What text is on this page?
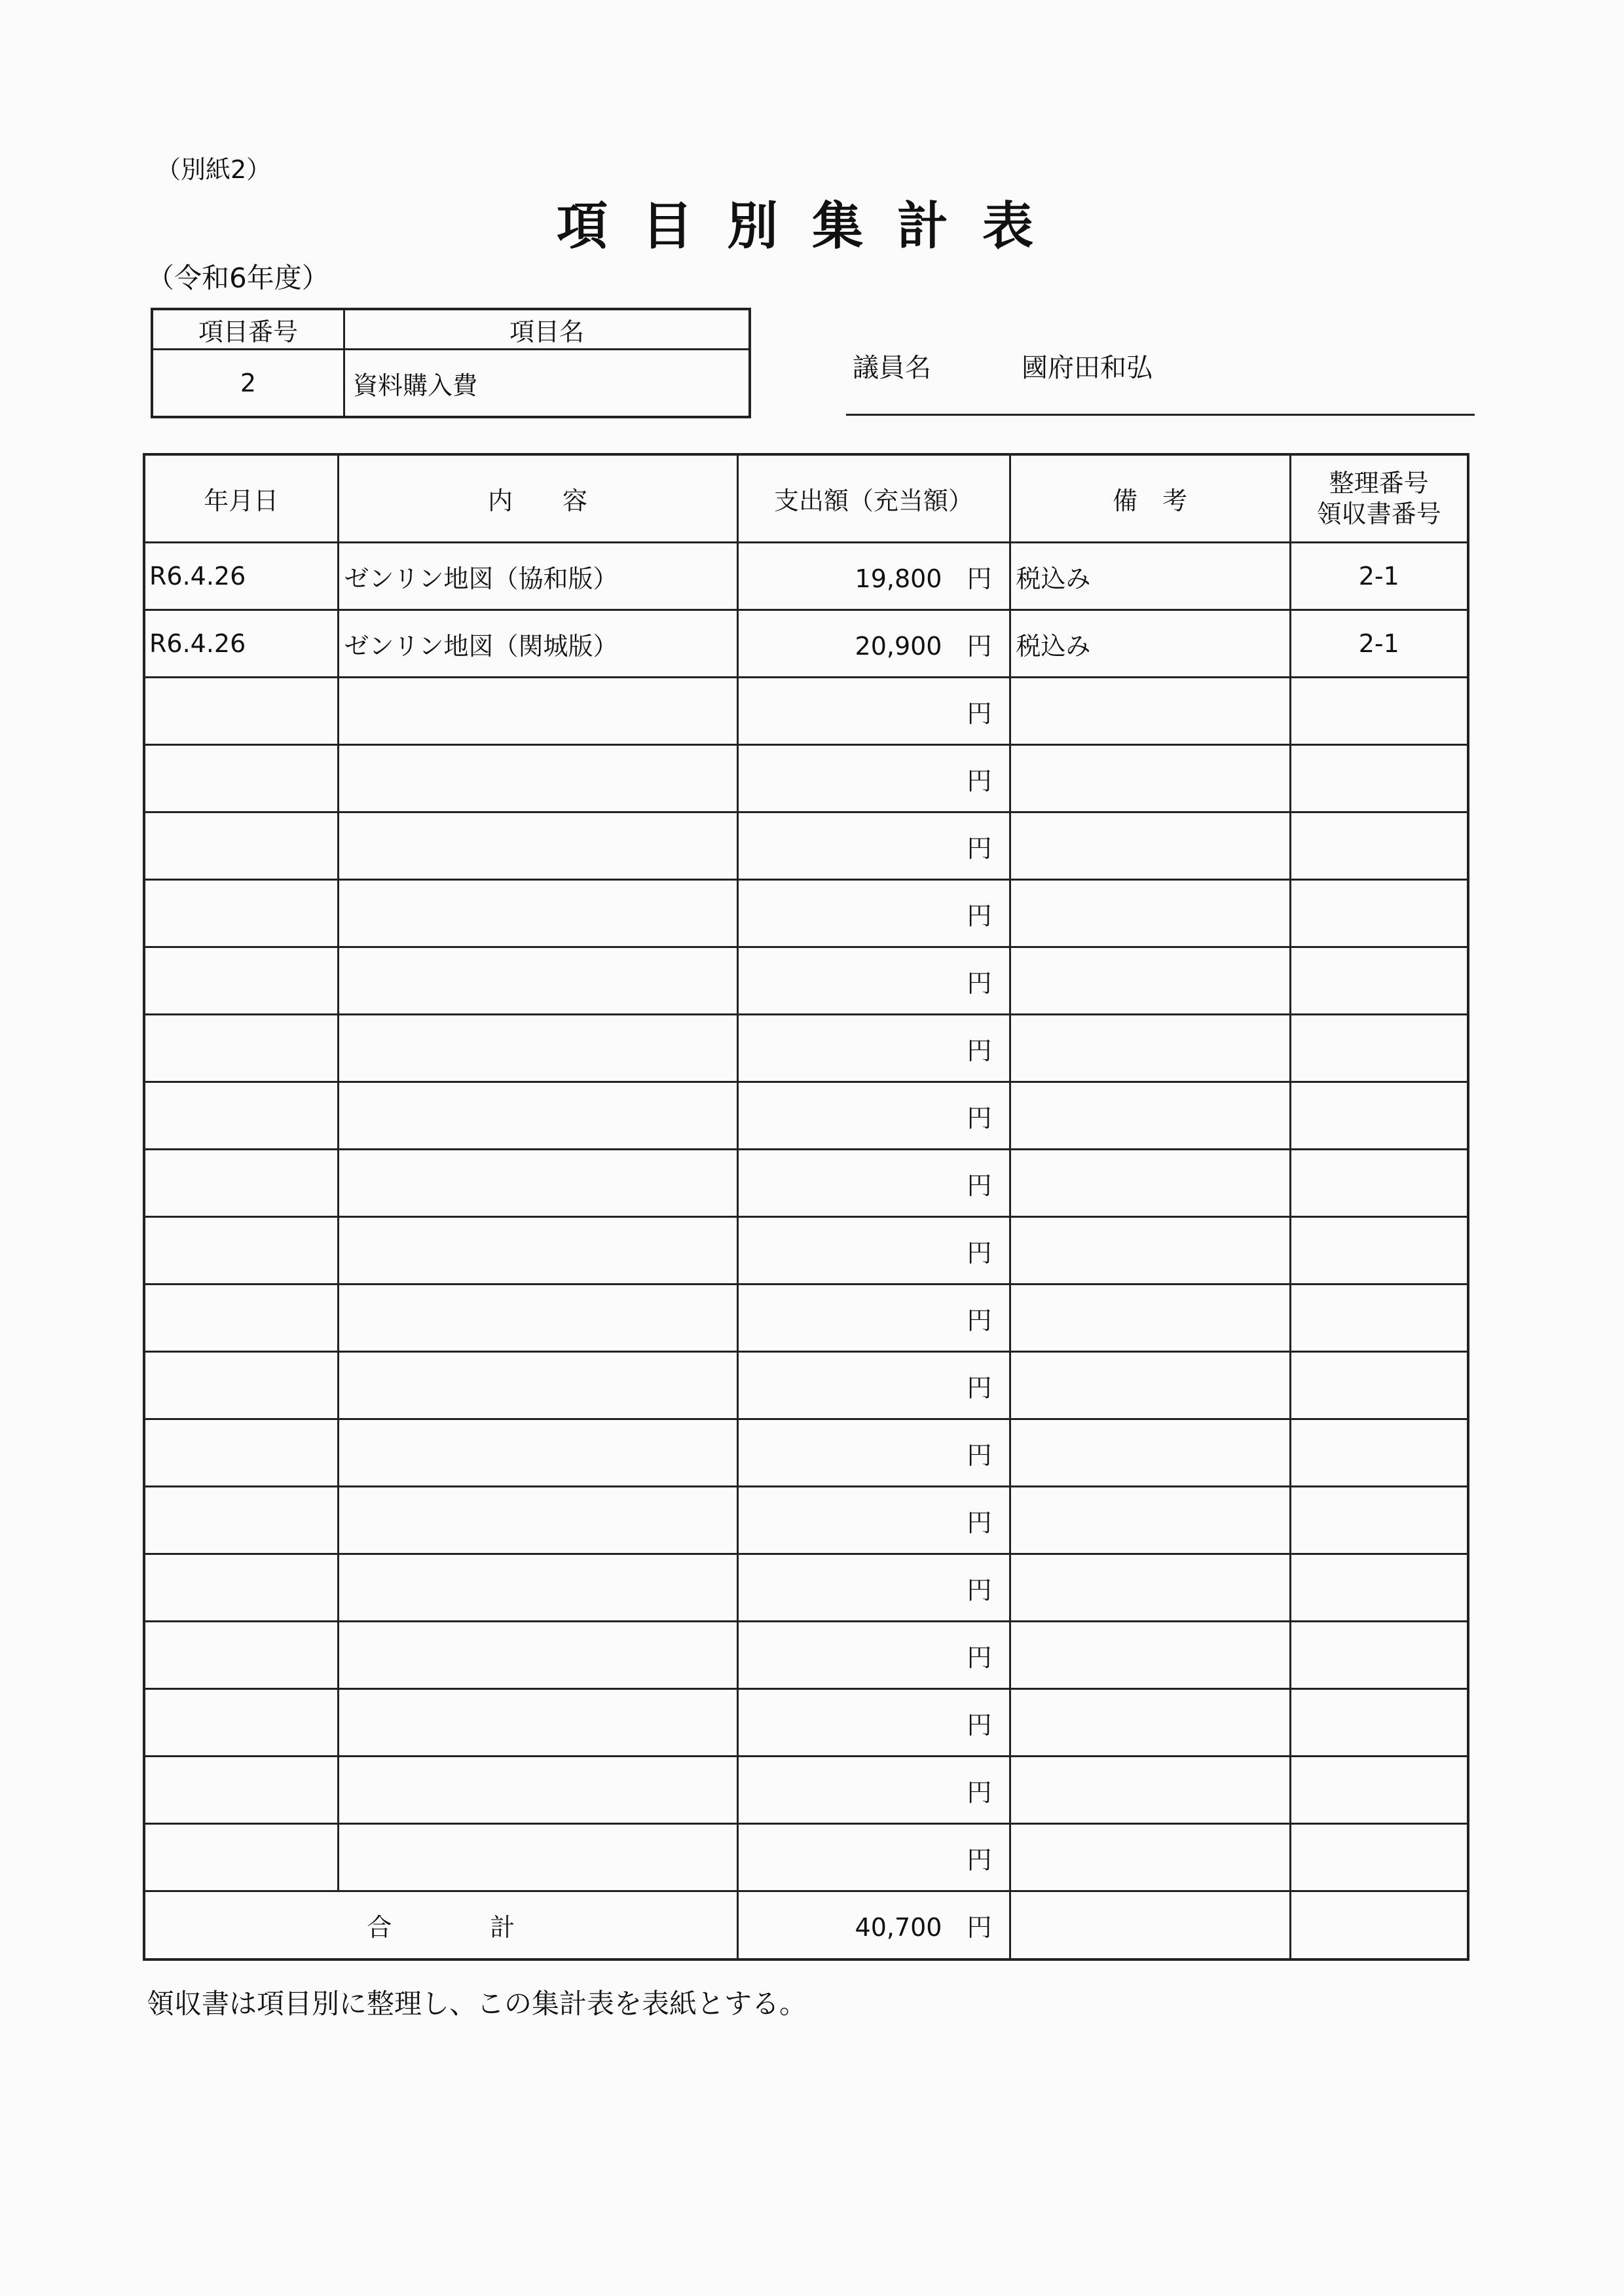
（別紙2）
項目別集計表
（令和6年度）
項目番号	項目名
2	資料購入費
議員名	國府田和弘
年月日	内　　容	支出額（充当額）	備　考	整理番号
領収書番号

R6.4.26	ゼンリン地図（協和版）	19,800 円	税込み	2-1
R6.4.26	ゼンリン地図（関城版）	20,900 円	税込み	2-1
		円		
		円		
		円		
		円		
		円		
		円		
		円		
		円		
		円		
		円		
		円		
		円		
		円		
		円		
		円		
		円		
		円		
		円		
合計		40,700 円		
領収書は項目別に整理し、この集計表を表紙とする。
